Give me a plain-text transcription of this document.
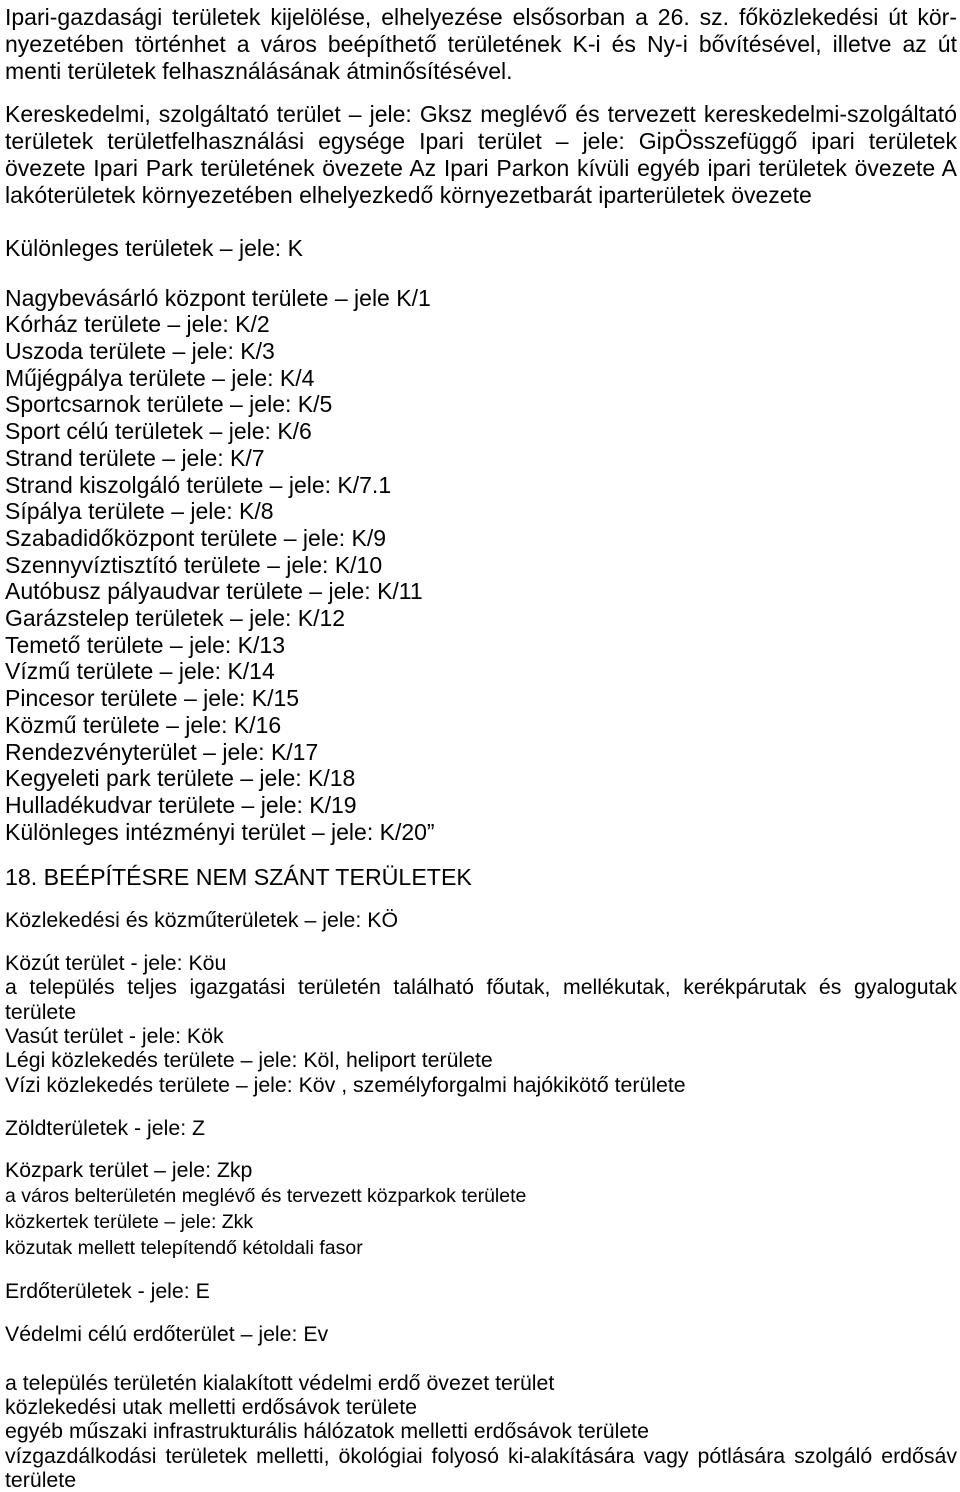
Ipari-gazdasági területek kijelölése, elhelyezése elsősorban a 26. sz. főközlekedési út kör-
nyezetében történhet a város beépíthető területének K-i és Ny-i bővítésével, illetve az út
menti területek felhasználásának átminősítésével.
Kereskedelmi, szolgáltató terület – jele: Gksz meglévő és tervezett kereskedelmi-szolgáltató
területek területfelhasználási egysége Ipari terület – jele: GipÖsszefüggő ipari területek
övezete Ipari Park területének övezete Az Ipari Parkon kívüli egyéb ipari területek övezete A
lakóterületek környezetében elhelyezkedő környezetbarát iparterületek övezete
Különleges területek – jele: K
Nagybevásárló központ területe – jele K/1
Kórház területe – jele: K/2
Uszoda területe – jele: K/3
Műjégpálya területe – jele: K/4
Sportcsarnok területe – jele: K/5
Sport célú területek – jele: K/6
Strand területe – jele: K/7
Strand kiszolgáló területe – jele: K/7.1
Sípálya területe – jele: K/8
Szabadidőközpont területe – jele: K/9
Szennyvíztisztító területe – jele: K/10
Autóbusz pályaudvar területe – jele: K/11
Garázstelep területek – jele: K/12
Temető területe – jele: K/13
Vízmű területe – jele: K/14
Pincesor területe – jele: K/15
Közmű területe – jele: K/16
Rendezvényterület – jele: K/17
Kegyeleti park területe – jele: K/18
Hulladékudvar területe – jele: K/19
Különleges intézményi terület – jele: K/20”
18. BEÉPÍTÉSRE NEM SZÁNT TERÜLETEK
Közlekedési és közműterületek – jele: KÖ
Közút terület - jele: Köu
a település teljes igazgatási területén található főutak, mellékutak, kerékpárutak és gyalogutak
területe
Vasút terület - jele: Kök
Légi közlekedés területe – jele: Köl, heliport területe
Vízi közlekedés területe – jele: Köv , személyforgalmi hajókikötő területe
Zöldterületek - jele: Z
Közpark terület – jele: Zkp
a város belterületén meglévő és tervezett közparkok területe
közkertek területe – jele: Zkk
közutak mellett telepítendő kétoldali fasor
Erdőterületek - jele: E
Védelmi célú erdőterület – jele: Ev
a település területén kialakított védelmi erdő övezet terület
közlekedési utak melletti erdősávok területe
egyéb műszaki infrastrukturális hálózatok melletti erdősávok területe
vízgazdálkodási területek melletti, ökológiai folyosó ki-alakítására vagy pótlására szolgáló erdősáv
területe
